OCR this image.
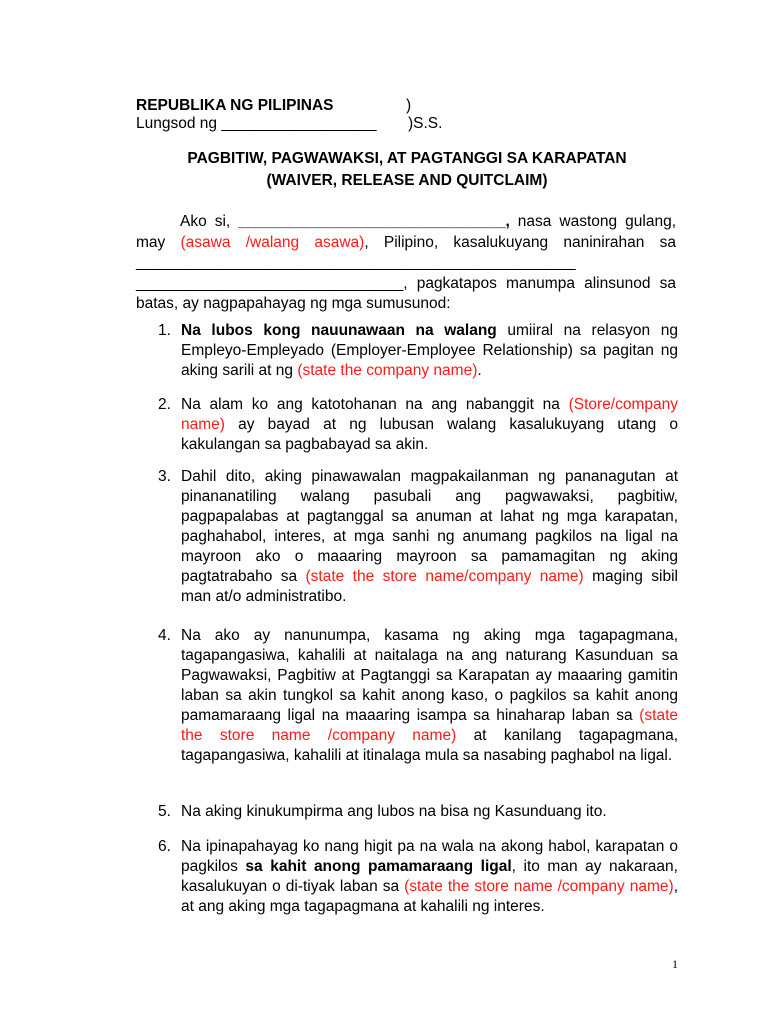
REPUBLIKA NG PILIPINAS	)
Lungsod ng __________________ )S.S.
PAGBITIW, PAGWAWAKSI, AT PAGTANGGI SA KARAPATAN
(WAIVER, RELEASE AND QUITCLAIM)
Ako si, _______________________________, nasa wastong gulang, may (asawa /walang asawa), Pilipino, kasalukuyang naninirahan sa ___________________________________________________ _______________________________, pagkatapos manumpa alinsunod sa batas, ay nagpapahayag ng mga sumusunod:
1. Na lubos kong nauunawaan na walang umiiral na relasyon ng Empleyo-Empleyado (Employer-Employee Relationship) sa pagitan ng aking sarili at ng (state the company name).
2. Na alam ko ang katotohanan na ang nabanggit na (Store/company name) ay bayad at ng lubusan walang kasalukuyang utang o kakulangan sa pagbabayad sa akin.
3. Dahil dito, aking pinawawalan magpakailanman ng pananagutan at pinananatiling walang pasubali ang pagwawaksi, pagbitiw, pagpapalabas at pagtanggal sa anuman at lahat ng mga karapatan, paghahabol, interes, at mga sanhi ng anumang pagkilos na ligal na mayroon ako o maaaring mayroon sa pamamagitan ng aking pagtatrabaho sa (state the store name/company name) maging sibil man at/o administratibo.
4. Na ako ay nanunumpa, kasama ng aking mga tagapagmana, tagapangasiwa, kahalili at naitalaga na ang naturang Kasunduan sa Pagwawaksi, Pagbitiw at Pagtanggi sa Karapatan ay maaaring gamitin laban sa akin tungkol sa kahit anong kaso, o pagkilos sa kahit anong pamamaraang ligal na maaaring isampa sa hinaharap laban sa (state the store name /company name) at kanilang tagapagmana, tagapangasiwa, kahalili at itinalaga mula sa nasabing paghabol na ligal.
5. Na aking kinukumpirma ang lubos na bisa ng Kasunduang ito.
6. Na ipinapahayag ko nang higit pa na wala na akong habol, karapatan o pagkilos sa kahit anong pamamaraang ligal, ito man ay nakaraan, kasalukuyan o di-tiyak laban sa (state the store name /company name), at ang aking mga tagapagmana at kahalili ng interes.
1
